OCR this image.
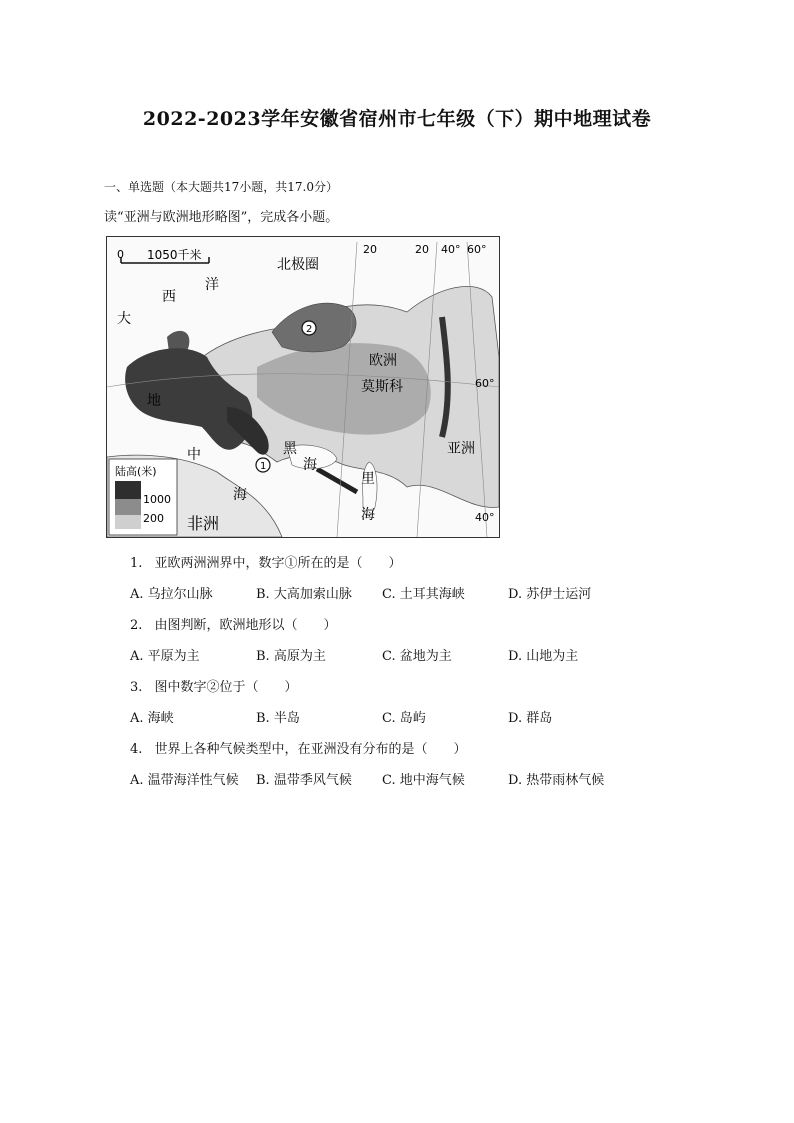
2022-2023学年安徽省宿州市七年级（下）期中地理试卷
一、单选题（本大题共17小题，共17.0分）
读“亚洲与欧洲地形略图”，完成各小题。
0 1050千米
北极圈
大
西
洋
地
中
海
欧洲
莫斯科
亚洲
非洲
黑
海
里
海
1
2
20	20 40° 60°
60°
40°
陆高(米)
1000
200
1. 亚欧两洲洲界中，数字①所在的是（　　）
A. 乌拉尔山脉	B. 大高加索山脉 C. 土耳其海峡	D. 苏伊士运河
2. 由图判断，欧洲地形以（　　）
A. 平原为主	B. 高原为主	C. 盆地为主	D. 山地为主
3. 图中数字②位于（　　）
A. 海峡	B. 半岛	C. 岛屿	D. 群岛
4. 世界上各种气候类型中，在亚洲没有分布的是（　　）
A. 温带海洋性气候 B. 温带季风气候 C. 地中海气候	D. 热带雨林气候
